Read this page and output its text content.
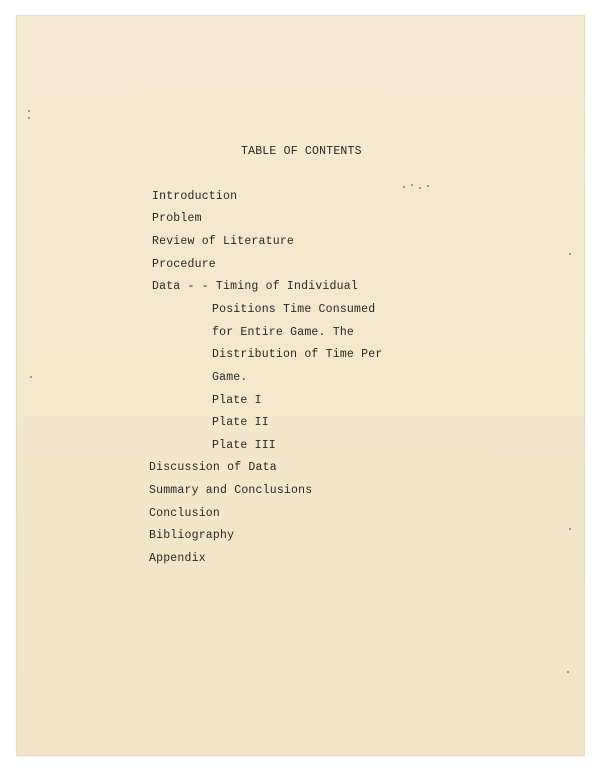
TABLE OF CONTENTS
Introduction
Problem
Review of Literature
Procedure
Data - - Timing of Individual
Positions Time Consumed
for Entire Game. The
Distribution of Time Per
Game.
Plate I
Plate II
Plate III
Discussion of Data
Summary and Conclusions
Conclusion
Bibliography
Appendix
